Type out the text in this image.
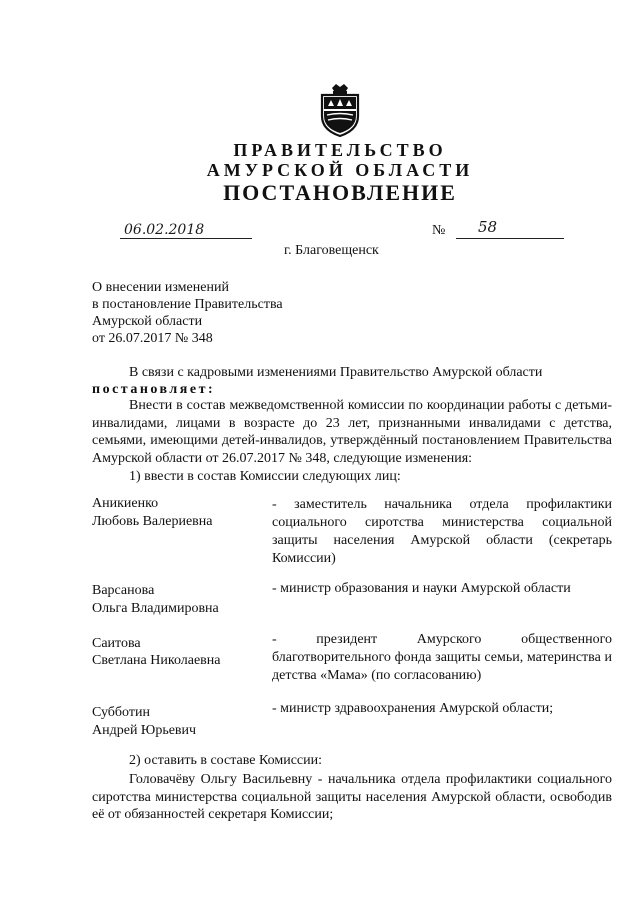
ПРАВИТЕЛЬСТВО
АМУРСКОЙ ОБЛАСТИ
ПОСТАНОВЛЕНИЕ
06.02.2018	№ 58
г. Благовещенск
О внесении изменений
в постановление Правительства
Амурской области
от 26.07.2017 № 348
В связи с кадровыми изменениями Правительство Амурской области
постановляет:
Внести в состав межведомственной комиссии по координации работы с детьми-инвалидами, лицами в возрасте до 23 лет, признанными инвалидами с детства, семьями, имеющими детей-инвалидов, утверждённый постановлением Правительства Амурской области от 26.07.2017 № 348, следующие изменения:
1) ввести в состав Комиссии следующих лиц:
Аникиенко
Любовь Валериевна
- заместитель начальника отдела профилактики социального сиротства министерства социальной защиты населения Амурской области (секретарь Комиссии)
Варсанова
Ольга Владимировна
- министр образования и науки Амурской области
Саитова
Светлана Николаевна
- президент Амурского общественного благотворительного фонда защиты семьи, материнства и детства «Мама» (по согласованию)
Субботин
Андрей Юрьевич
- министр здравоохранения Амурской области;
2) оставить в составе Комиссии:
Головачёву Ольгу Васильевну - начальника отдела профилактики социального сиротства министерства социальной защиты населения Амурской области, освободив её от обязанностей секретаря Комиссии;
